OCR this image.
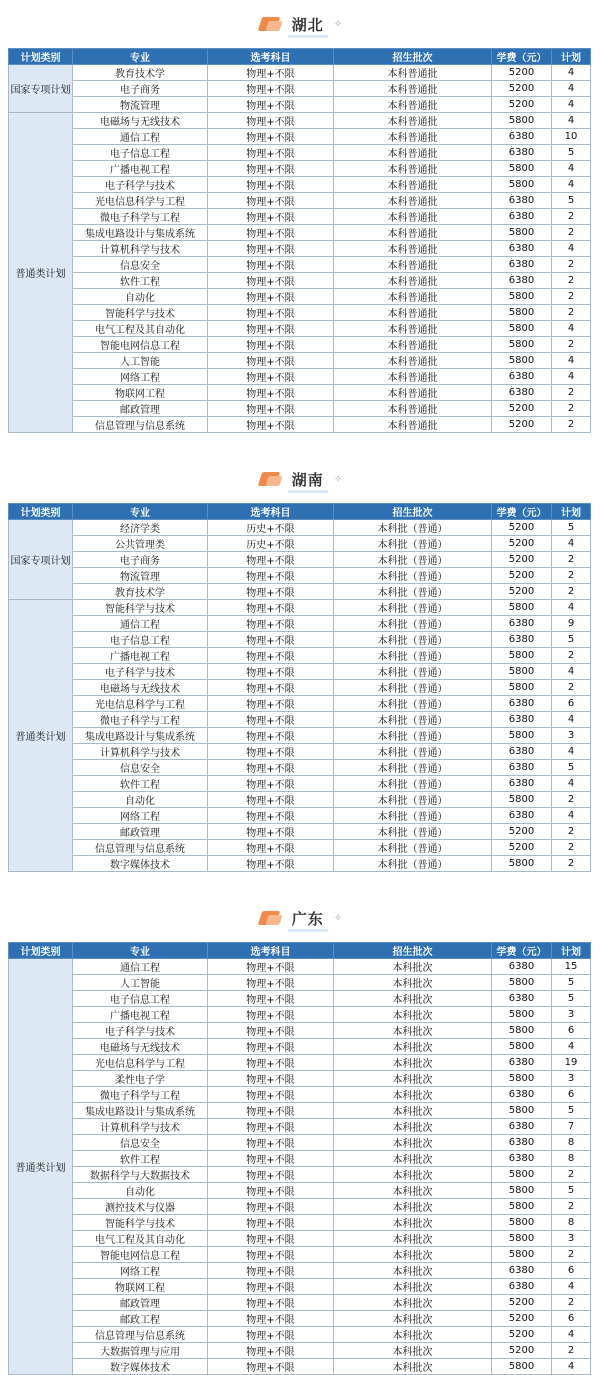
湖北 ✧
计划类别	专业	选考科目	招生批次	学费（元）	计划
国家专项计划	教育技术学	物理+不限	本科普通批	5200	4
	电子商务	物理+不限	本科普通批	5200	4
	物流管理	物理+不限	本科普通批	5200	4
普通类计划	电磁场与无线技术	物理+不限	本科普通批	5800	4
	通信工程	物理+不限	本科普通批	6380	10
	电子信息工程	物理+不限	本科普通批	6380	5
	广播电视工程	物理+不限	本科普通批	5800	4
	电子科学与技术	物理+不限	本科普通批	5800	4
	光电信息科学与工程	物理+不限	本科普通批	6380	5
	微电子科学与工程	物理+不限	本科普通批	6380	2
	集成电路设计与集成系统	物理+不限	本科普通批	5800	2
	计算机科学与技术	物理+不限	本科普通批	6380	4
	信息安全	物理+不限	本科普通批	6380	2
	软件工程	物理+不限	本科普通批	6380	2
	自动化	物理+不限	本科普通批	5800	2
	智能科学与技术	物理+不限	本科普通批	5800	2
	电气工程及其自动化	物理+不限	本科普通批	5800	4
	智能电网信息工程	物理+不限	本科普通批	5800	2
	人工智能	物理+不限	本科普通批	5800	4
	网络工程	物理+不限	本科普通批	6380	4
	物联网工程	物理+不限	本科普通批	6380	2
	邮政管理	物理+不限	本科普通批	5200	2
	信息管理与信息系统	物理+不限	本科普通批	5200	2
湖南 ✧
计划类别	专业	选考科目	招生批次	学费（元）	计划
国家专项计划	经济学类	历史+不限	本科批（普通）	5200	5
	公共管理类	历史+不限	本科批（普通）	5200	4
	电子商务	物理+不限	本科批（普通）	5200	2
	物流管理	物理+不限	本科批（普通）	5200	2
	教育技术学	物理+不限	本科批（普通）	5200	2
普通类计划	智能科学与技术	物理+不限	本科批（普通）	5800	4
	通信工程	物理+不限	本科批（普通）	6380	9
	电子信息工程	物理+不限	本科批（普通）	6380	5
	广播电视工程	物理+不限	本科批（普通）	5800	2
	电子科学与技术	物理+不限	本科批（普通）	5800	4
	电磁场与无线技术	物理+不限	本科批（普通）	5800	2
	光电信息科学与工程	物理+不限	本科批（普通）	6380	6
	微电子科学与工程	物理+不限	本科批（普通）	6380	4
	集成电路设计与集成系统	物理+不限	本科批（普通）	5800	3
	计算机科学与技术	物理+不限	本科批（普通）	6380	4
	信息安全	物理+不限	本科批（普通）	6380	5
	软件工程	物理+不限	本科批（普通）	6380	4
	自动化	物理+不限	本科批（普通）	5800	2
	网络工程	物理+不限	本科批（普通）	6380	4
	邮政管理	物理+不限	本科批（普通）	5200	2
	信息管理与信息系统	物理+不限	本科批（普通）	5200	2
	数字媒体技术	物理+不限	本科批（普通）	5800	2
广东 ✧
计划类别	专业	选考科目	招生批次	学费（元）	计划
普通类计划	通信工程	物理+不限	本科批次	6380	15
	人工智能	物理+不限	本科批次	5800	5
	电子信息工程	物理+不限	本科批次	6380	5
	广播电视工程	物理+不限	本科批次	5800	3
	电子科学与技术	物理+不限	本科批次	5800	6
	电磁场与无线技术	物理+不限	本科批次	5800	4
	光电信息科学与工程	物理+不限	本科批次	6380	19
	柔性电子学	物理+不限	本科批次	5800	3
	微电子科学与工程	物理+不限	本科批次	6380	6
	集成电路设计与集成系统	物理+不限	本科批次	5800	5
	计算机科学与技术	物理+不限	本科批次	6380	7
	信息安全	物理+不限	本科批次	6380	8
	软件工程	物理+不限	本科批次	6380	8
	数据科学与大数据技术	物理+不限	本科批次	5800	2
	自动化	物理+不限	本科批次	5800	5
	测控技术与仪器	物理+不限	本科批次	5800	2
	智能科学与技术	物理+不限	本科批次	5800	8
	电气工程及其自动化	物理+不限	本科批次	5800	3
	智能电网信息工程	物理+不限	本科批次	5800	2
	网络工程	物理+不限	本科批次	6380	6
	物联网工程	物理+不限	本科批次	6380	4
	邮政管理	物理+不限	本科批次	5200	2
	邮政工程	物理+不限	本科批次	5200	6
	信息管理与信息系统	物理+不限	本科批次	5200	4
	大数据管理与应用	物理+不限	本科批次	5200	2
	数字媒体技术	物理+不限	本科批次	5800	4
